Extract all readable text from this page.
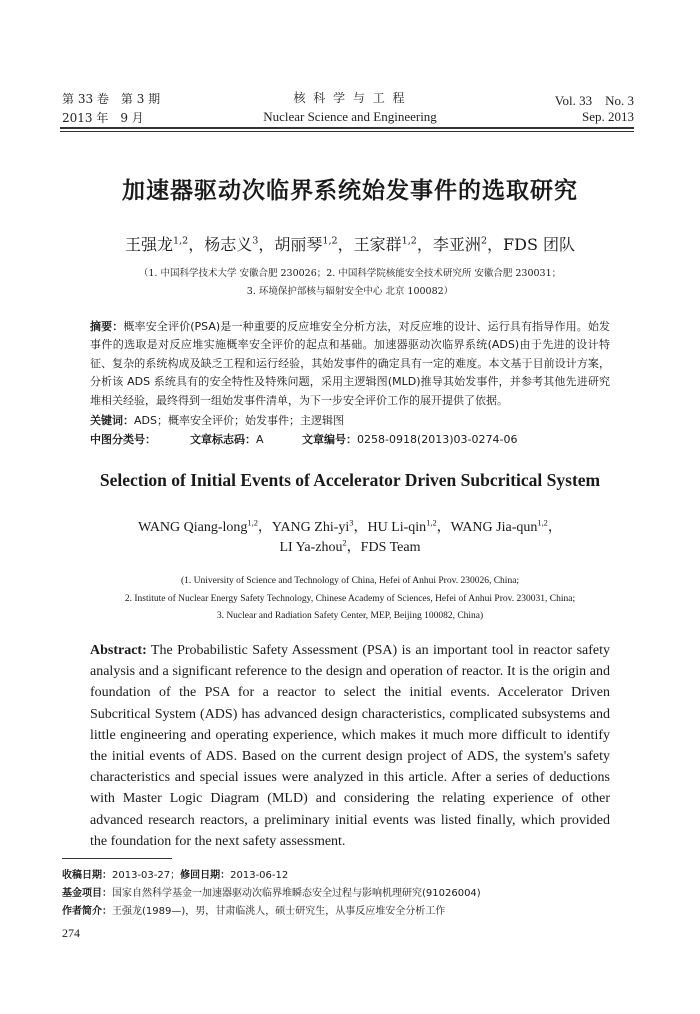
第 33 卷　第 3 期
2013 年　9 月
核 科 学 与 工 程
Nuclear Science and Engineering
Vol. 33　No. 3
Sep. 2013
加速器驱动次临界系统始发事件的选取研究
王强龙$^{1,2}$，杨志义$^3$，胡丽琴$^{1,2}$，王家群$^{1,2}$，李亚洲$^2$，FDS 团队
（1. 中国科学技术大学 安徽合肥 230026；2. 中国科学院核能安全技术研究所 安徽合肥 230031；
3. 环境保护部核与辐射安全中心 北京 100082）
摘要：概率安全评价(PSA)是一种重要的反应堆安全分析方法，对反应堆的设计、运行具有指导作用。始发事件的选取是对反应堆实施概率安全评价的起点和基础。加速器驱动次临界系统(ADS)由于先进的设计特征、复杂的系统构成及缺乏工程和运行经验，其始发事件的确定具有一定的难度。本文基于目前设计方案，分析该 ADS 系统具有的安全特性及特殊问题，采用主逻辑图(MLD)推导其始发事件，并参考其他先进研究堆相关经验，最终得到一组始发事件清单，为下一步安全评价工作的展开提供了依据。
关键词：ADS；概率安全评价；始发事件；主逻辑图
中图分类号：	文章标志码：A	文章编号：0258-0918(2013)03-0274-06
Selection of Initial Events of Accelerator Driven Subcritical System
WANG Qiang-long$^{1,2}$，YANG Zhi-$yi^3$，HU Li-qin$^{1,2}$，WANG Jia-qun$^{1,2}$，
LI Ya-zhou$^2$，FDS Team
(1. University of Science and Technology of China, Hefei of Anhui Prov. 230026, China;
2. Institute of Nuclear Energy Safety Technology, Chinese Academy of Sciences, Hefei of Anhui Prov. 230031, China;
3. Nuclear and Radiation Safety Center, MEP, Beijing 100082, China)
Abstract: The Probabilistic Safety Assessment (PSA) is an important tool in reactor safety analysis and a significant reference to the design and operation of reactor. It is the origin and foundation of the PSA for a reactor to select the initial events. Accelerator Driven Subcritical System (ADS) has advanced design characteristics, complicated subsystems and little engineering and operating experience, which makes it much more difficult to identify the initial events of ADS. Based on the current design project of ADS, the system's safety characteristics and special issues were analyzed in this article. After a series of deductions with Master Logic Diagram (MLD) and considering the relating experience of other advanced research reactors, a preliminary initial events was listed finally, which provided the foundation for the next safety assessment.
收稿日期：2013-03-27；修回日期：2013-06-12
基金项目：国家自然科学基金一加速器驱动次临界堆瞬态安全过程与影响机理研究(91026004)
作者简介：王强龙(1989—)，男，甘肃临洮人，硕士研究生，从事反应堆安全分析工作
274
